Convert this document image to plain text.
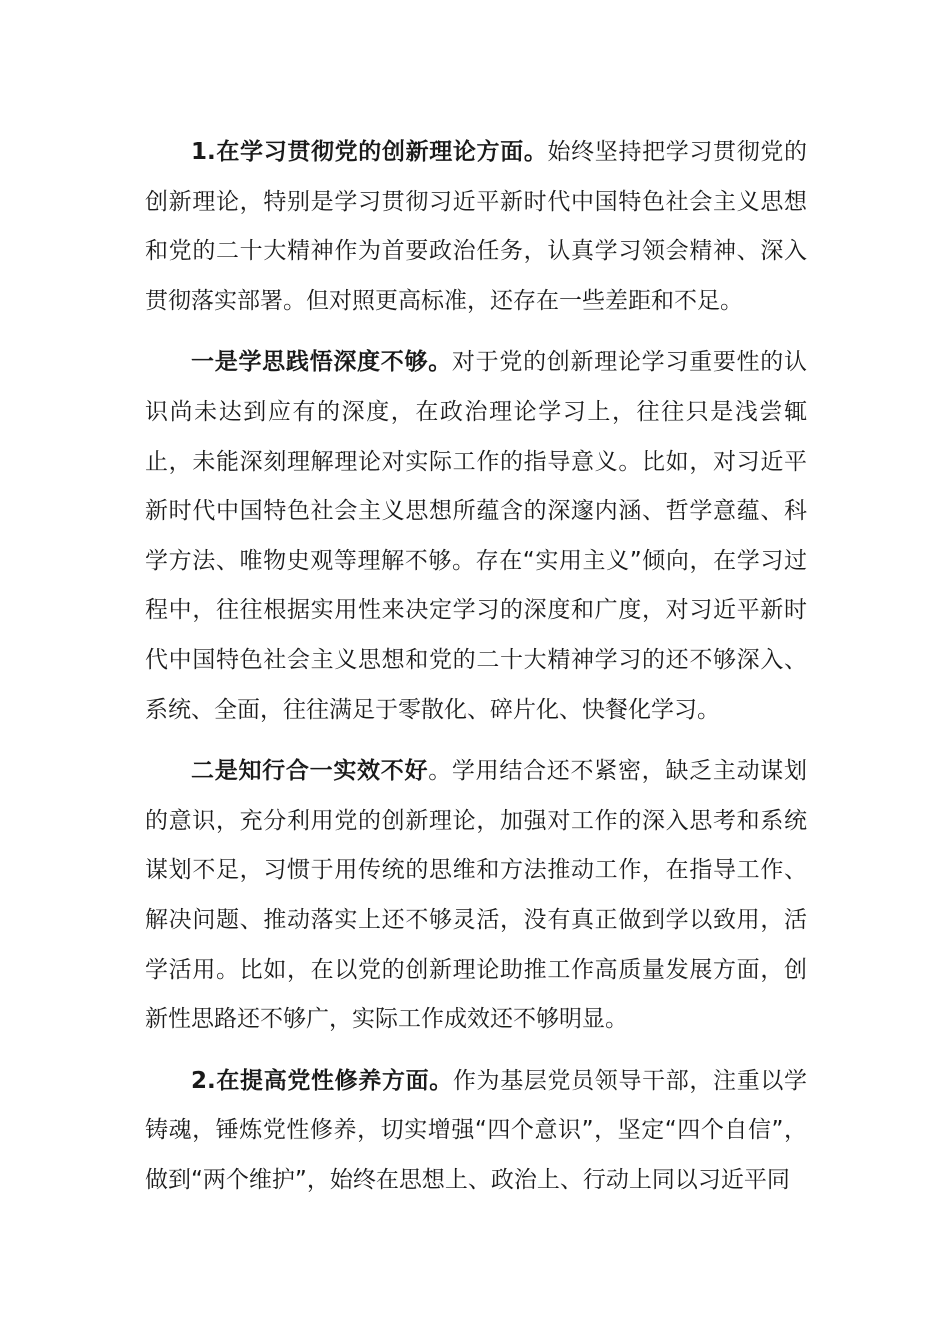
1.在学习贯彻党的创新理论方面。始终坚持把学习贯彻党的创新理论，特别是学习贯彻习近平新时代中国特色社会主义思想和党的二十大精神作为首要政治任务，认真学习领会精神、深入贯彻落实部署。但对照更高标准，还存在一些差距和不足。

一是学思践悟深度不够。对于党的创新理论学习重要性的认识尚未达到应有的深度，在政治理论学习上，往往只是浅尝辄止，未能深刻理解理论对实际工作的指导意义。比如，对习近平新时代中国特色社会主义思想所蕴含的深邃内涵、哲学意蕴、科学方法、唯物史观等理解不够。存在“实用主义”倾向，在学习过程中，往往根据实用性来决定学习的深度和广度，对习近平新时代中国特色社会主义思想和党的二十大精神学习的还不够深入、系统、全面，往往满足于零散化、碎片化、快餐化学习。

二是知行合一实效不好。学用结合还不紧密，缺乏主动谋划的意识，充分利用党的创新理论，加强对工作的深入思考和系统谋划不足，习惯于用传统的思维和方法推动工作，在指导工作、解决问题、推动落实上还不够灵活，没有真正做到学以致用，活学活用。比如，在以党的创新理论助推工作高质量发展方面，创新性思路还不够广，实际工作成效还不够明显。

2.在提高党性修养方面。作为基层党员领导干部，注重以学铸魂，锤炼党性修养，切实增强“四个意识”，坚定“四个自信”，做到“两个维护”，始终在思想上、政治上、行动上同以习近平同
